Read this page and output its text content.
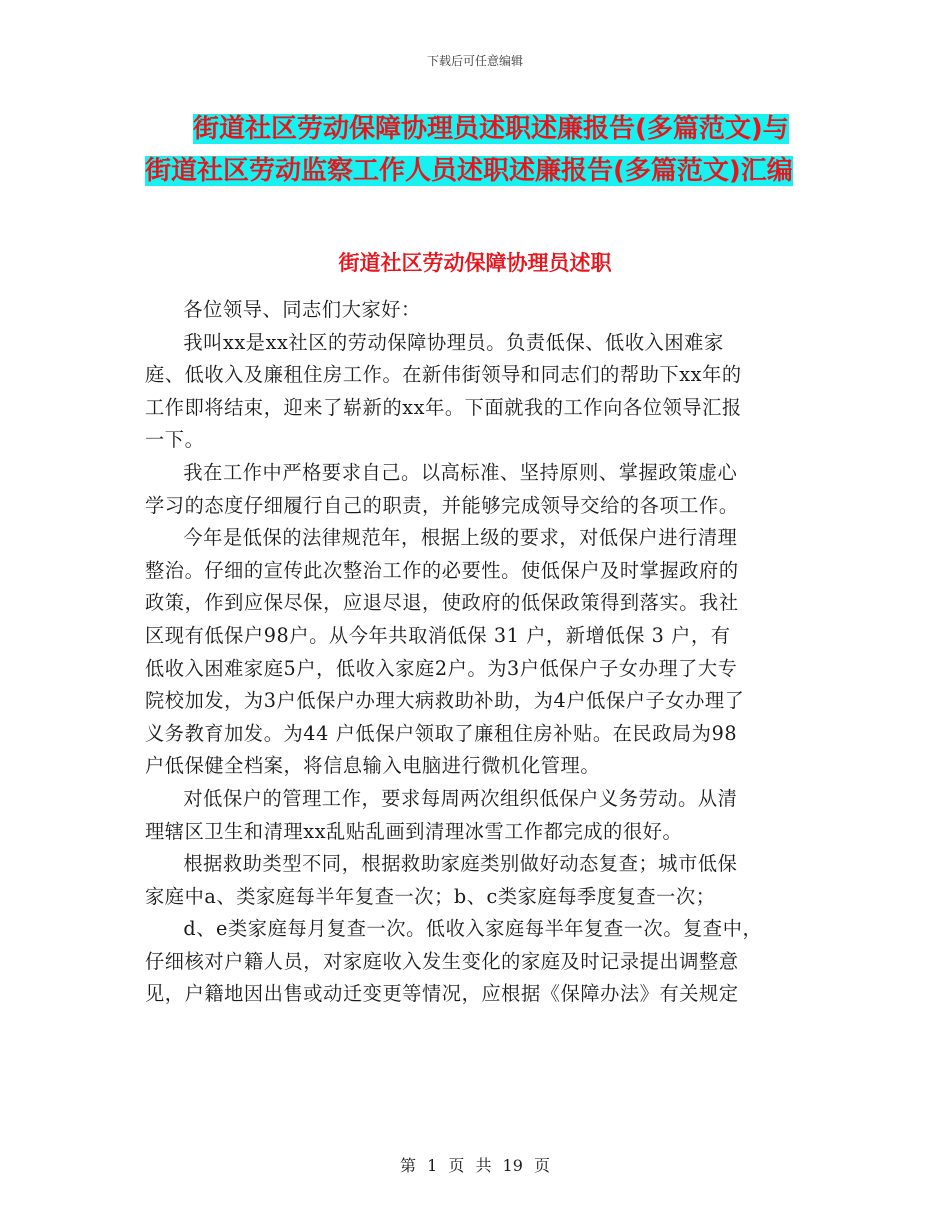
下载后可任意编辑
街道社区劳动保障协理员述职述廉报告(多篇范文)与
街道社区劳动监察工作人员述职述廉报告(多篇范文)汇编
街道社区劳动保障协理员述职

各位领导、同志们大家好：

我叫xx是xx社区的劳动保障协理员。负责低保、低收入困难家

庭、低收入及廉租住房工作。在新伟街领导和同志们的帮助下xx年的

工作即将结束，迎来了崭新的xx年。下面就我的工作向各位领导汇报

一下。

我在工作中严格要求自己。以高标准、坚持原则、掌握政策虚心

学习的态度仔细履行自己的职责，并能够完成领导交给的各项工作。

今年是低保的法律规范年，根据上级的要求，对低保户进行清理

整治。仔细的宣传此次整治工作的必要性。使低保户及时掌握政府的

政策，作到应保尽保，应退尽退，使政府的低保政策得到落实。我社

区现有低保户98户。从今年共取消低保 31 户，新增低保 3 户，有

低收入困难家庭5户，低收入家庭2户。为3户低保户子女办理了大专

院校加发，为3户低保户办理大病救助补助，为4户低保户子女办理了

义务教育加发。为44 户低保户领取了廉租住房补贴。在民政局为98

户低保健全档案，将信息输入电脑进行微机化管理。

对低保户的管理工作，要求每周两次组织低保户义务劳动。从清

理辖区卫生和清理xx乱贴乱画到清理冰雪工作都完成的很好。

根据救助类型不同，根据救助家庭类别做好动态复查；城市低保

家庭中a、类家庭每半年复查一次；b、c类家庭每季度复查一次；

d、e类家庭每月复查一次。低收入家庭每半年复查一次。复查中，

仔细核对户籍人员，对家庭收入发生变化的家庭及时记录提出调整意

见，户籍地因出售或动迁变更等情况，应根据《保障办法》有关规定

第 1 页 共 19 页
